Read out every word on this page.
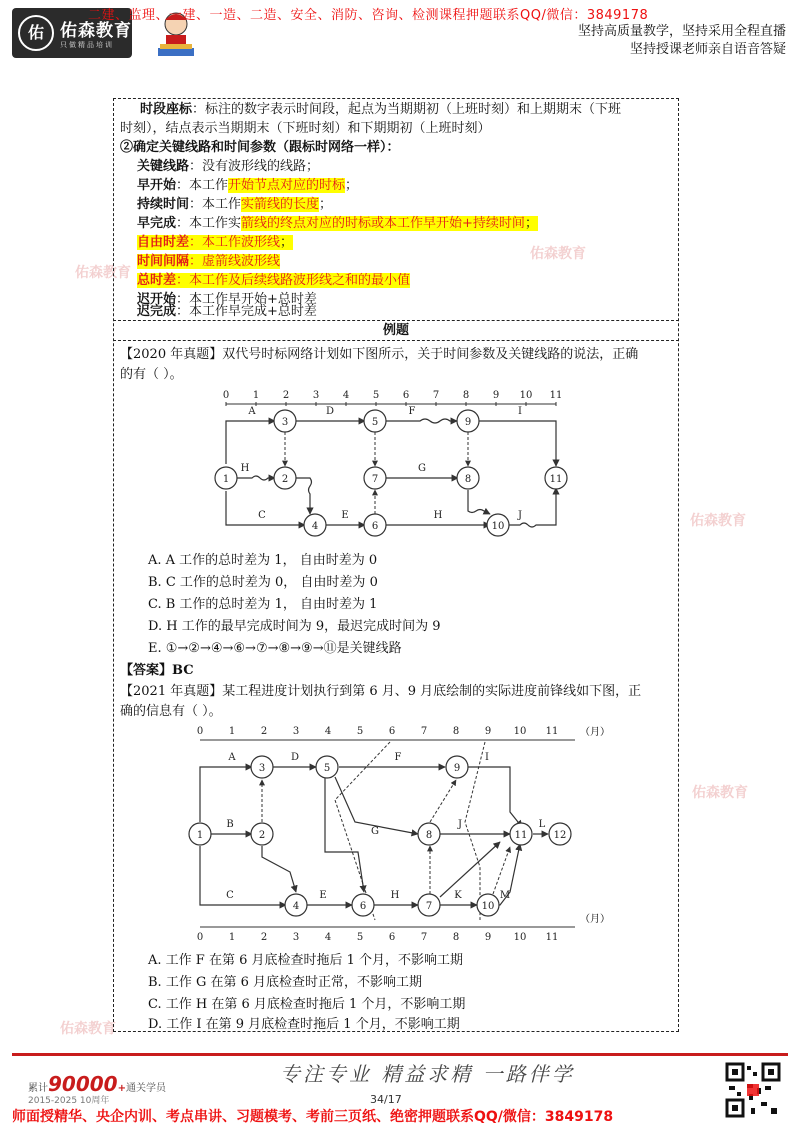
佑 佑森教育
只做精品培训
二建、监理、一建、一造、二造、安全、消防、咨询、检测课程押题联系QQ/微信：3849178
坚持高质量教学，坚持采用全程直播
坚持授课老师亲自语音答疑
佑森教育
佑森教育
佑森教育
佑森教育
佑森教育
时段座标：标注的数字表示时间段，起点为当期期初（上班时刻）和上期期末（下班
时刻），结点表示当期期末（下班时刻）和下期期初（上班时刻）
②确定关键线路和时间参数（跟标时网络一样）：
关键线路：没有波形线的线路；
早开始：本工作开始节点对应的时标；
持续时间：本工作实箭线的长度；
早完成：本工作实箭线的终点对应的时标或本工作早开始+持续时间；
自由时差：本工作波形线；
时间间隔：虚箭线波形线
总时差：本工作及后续线路波形线之和的最小值
迟开始：本工作早开始+总时差
迟完成：本工作早完成+总时差
例题
【2020 年真题】双代号时标网络计划如下图所示，关于时间参数及关键线路的说法，正确
的有（ ）。
0 1 2 3 4 5 6 7 8 9 10 11
1	2
3
4
5
6
7	8
9
10
11
A
H
C
D	F
G
E	H	J
I
A. A 工作的总时差为 1， 自由时差为 0
B. C 工作的总时差为 0， 自由时差为 0
C. B 工作的总时差为 1， 自由时差为 1
D. H 工作的最早完成时间为 9，最迟完成时间为 9
E. ①→②→④→⑥→⑦→⑧→⑨→⑪是关键线路
【答案】BC
【2021 年真题】某工程进度计划执行到第 6 月、9 月底绘制的实际进度前锋线如下图，正
确的信息有（ ）。
（月）
（月）
0
0
1
1
2
2
3
3
4
4
5
5
6
6
7
7
8
8
9
9
10
10
11
11
1	2
3
4
5
6	7
8
9
10
11	12
A
B
C
D
E
F
G
H
I
J
K
L
M
A. 工作 F 在第 6 月底检查时拖后 1 个月，不影响工期
B. 工作 G 在第 6 月底检查时正常，不影响工期
C. 工作 H 在第 6 月底检查时拖后 1 个月，不影响工期
D. 工作 I 在第 9 月底检查时拖后 1 个月，不影响工期
累计90000+通关学员
2015-2025 10周年
专注专业 精益求精 一路伴学
34/17
师面授精华、央企内训、考点串讲、习题模考、考前三页纸、绝密押题联系QQ/微信：3849178
